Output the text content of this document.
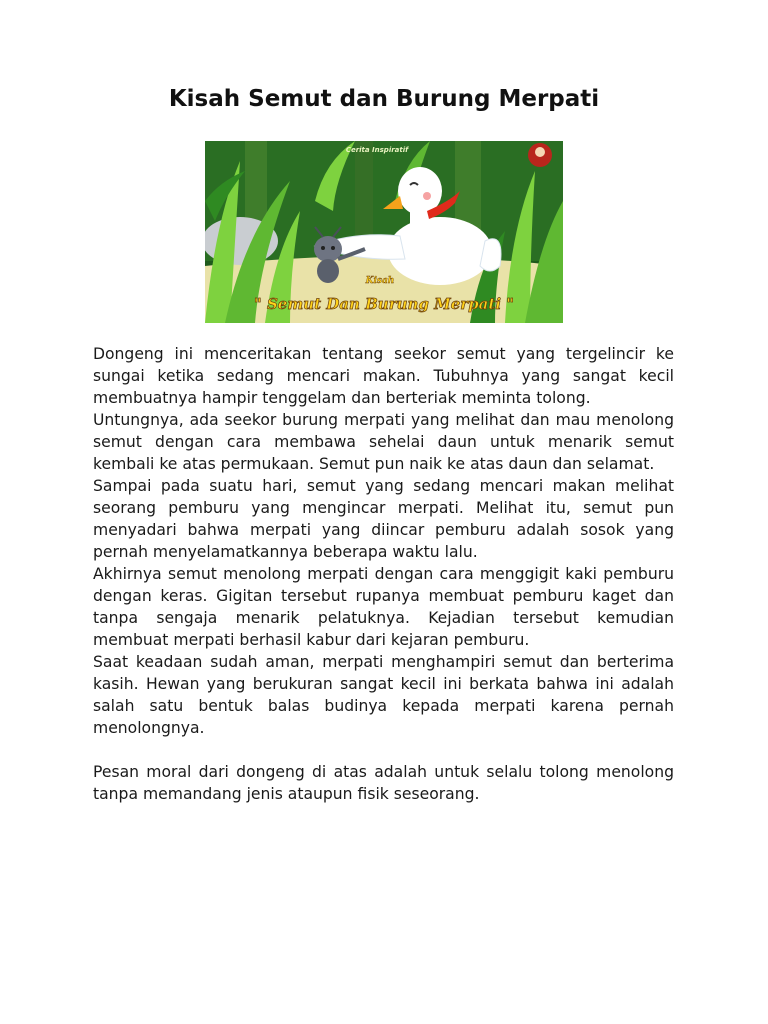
Kisah Semut dan Burung Merpati
Cerita Inspiratif
Kisah
" Semut Dan Burung Merpati "

Dongeng ini menceritakan tentang seekor semut yang tergelincir ke sungai ketika sedang mencari makan. Tubuhnya yang sangat kecil membuatnya hampir tenggelam dan berteriak meminta tolong.

Untungnya, ada seekor burung merpati yang melihat dan mau menolong semut dengan cara membawa sehelai daun untuk menarik semut kembali ke atas permukaan. Semut pun naik ke atas daun dan selamat.

Sampai pada suatu hari, semut yang sedang mencari makan melihat seorang pemburu yang mengincar merpati. Melihat itu, semut pun menyadari bahwa merpati yang diincar pemburu adalah sosok yang pernah menyelamatkannya beberapa waktu lalu.

Akhirnya semut menolong merpati dengan cara menggigit kaki pemburu dengan keras. Gigitan tersebut rupanya membuat pemburu kaget dan tanpa sengaja menarik pelatuknya. Kejadian tersebut kemudian membuat merpati berhasil kabur dari kejaran pemburu.

Saat keadaan sudah aman, merpati menghampiri semut dan berterima kasih. Hewan yang berukuran sangat kecil ini berkata bahwa ini adalah salah satu bentuk balas budinya kepada merpati karena pernah menolongnya.

Pesan moral dari dongeng di atas adalah untuk selalu tolong menolong tanpa memandang jenis ataupun fisik seseorang.
